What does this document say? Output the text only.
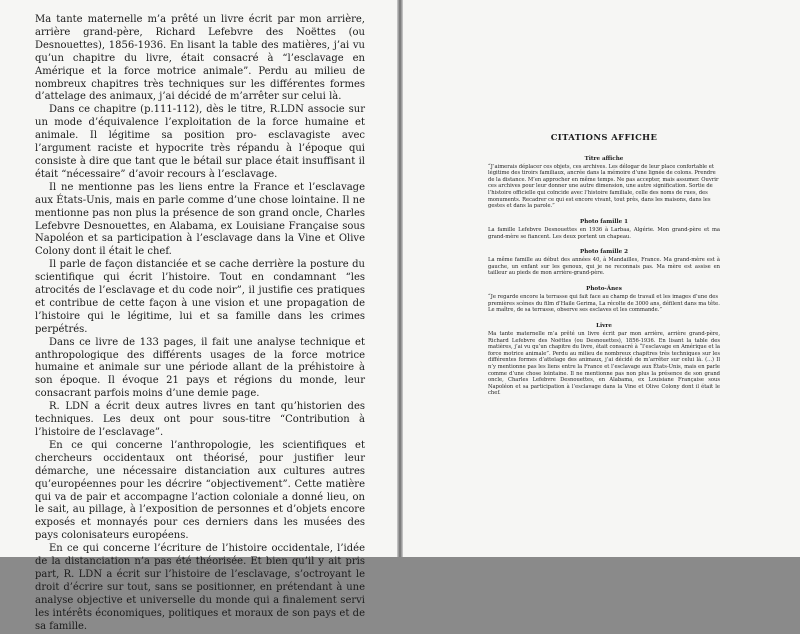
Ma tante maternelle m’a prêté un livre écrit par mon arrière, arrière grand-père, Richard Lefebvre des Noëttes (ou Desnouettes), 1856-1936. En lisant la table des matières, j’ai vu qu’un chapitre du livre, était consacré à “l’esclavage en Amérique et la force motrice animale”. Perdu au milieu de nombreux chapitres très techniques sur les différentes formes d’attelage des animaux, j’ai décidé de m’arrêter sur celui là.

Dans ce chapitre (p.111-112), dès le titre, R.LDN associe sur un mode d’équivalence l’exploitation de la force humaine et animale. Il légitime sa position pro- esclavagiste avec l’argument raciste et hypocrite très répandu à l’époque qui consiste à dire que tant que le bétail sur place était insuffisant il était “nécessaire” d’avoir recours à l’esclavage.

Il ne mentionne pas les liens entre la France et l’esclavage aux États-Unis, mais en parle comme d’une chose lointaine. Il ne mentionne pas non plus la présence de son grand oncle, Charles Lefebvre Desnouettes, en Alabama, ex Louisiane Française sous Napoléon et sa participation à l’esclavage dans la Vine et Olive Colony dont il était le chef.

Il parle de façon distanciée et se cache derrière la posture du scientifique qui écrit l’histoire. Tout en condamnant “les atrocités de l’esclavage et du code noir”, il justifie ces pratiques et contribue de cette façon à une vision et une propagation de l’histoire qui le légitime, lui et sa famille dans les crimes perpétrés.

Dans ce livre de 133 pages, il fait une analyse technique et anthropologique des différents usages de la force motrice humaine et animale sur une période allant de la préhistoire à son époque. Il évoque 21 pays et régions du monde, leur consacrant parfois moins d’une demie page.

R. LDN a écrit deux autres livres en tant qu’historien des techniques. Les deux ont pour sous-titre “Contribution à l’histoire de l’esclavage”.

En ce qui concerne l’anthropologie, les scientifiques et chercheurs occidentaux ont théorisé, pour justifier leur démarche, une nécessaire distanciation aux cultures autres qu’européennes pour les décrire “objectivement”. Cette matière qui va de pair et accompagne l’action coloniale a donné lieu, on le sait, au pillage, à l’exposition de personnes et d’objets encore exposés et monnayés pour ces derniers dans les musées des pays colonisateurs européens.

En ce qui concerne l’écriture de l’histoire occidentale, l’idée de la distanciation n’a pas été théorisée. Et bien qu’il y ait pris part, R. LDN a écrit sur l’histoire de l’esclavage, s’octroyant le droit d’écrire sur tout, sans se positionner, en prétendant à une analyse objective et universelle du monde qui a finalement servi les intérêts économiques, politiques et moraux de son pays et de sa famille.

CITATIONS AFFICHE
Titre affiche
“J’aimerais déplacer ces objets, ces archives. Les délogar de leur place confortable et légitime des tiroirs familiaux, ancrée dans la mémoire d’une lignée de colons. Prendre de la distance. M’en approcher en même temps. Ne pas accepter, mais assumer. Ouvrir ces archives pour leur donner une autre dimension, une autre signification. Sortie de l’histoire officielle qui coïncide avec l’histoire familiale, celle des noms de rues, des monuments. Recadrer ce qui est encore vivant, tout près, dans les maisons, dans les gestes et dans la parole.”
Photo famille 1
La famille Lefebvre Desnouettes en 1936 à Larbaa, Algérie. Mon grand-père et ma grand-mère se fiancent. Les deux portent un chapeau.
Photo famille 2
La même famille au début des années 40, à Mandailles, France. Ma grand-mère est à gauche, un enfant sur les genoux, qui je ne reconnais pas. Ma mère est assise en tailleur au pieds de mon arrière-grand-père.
Photo-Ânes
“Je regarde encore la terrasse qui fait face au champ de travail et les images d’une des premières scènes du film d’Haile Gerima, La récolte de 3000 ans, défilent dans ma tête. Le maître, de sa terrasse, observe ses esclaves et les commande.”
Livre
Ma tante maternelle m’a prêté un livre écrit par mon arrière, arrière grand-père, Richard Lefebvre des Noëttes (ou Desnouettes), 1856-1936. En lisant la table des matières, j’ai vu qu’un chapitre du livre, était consacré à “l’esclavage en Amérique et la force motrice animale”. Perdu au milieu de nombreux chapitres très techniques sur les différentes formes d’attelage des animaux, j’ai décidé de m’arrêter sur celui là. (...) Il n’y mentionne pas les liens entre la France et l’esclavage aux États-Unis, mais en parle comme d’une chose lointaine. Il ne mentionne pas non plus la présence de son grand oncle, Charles Lefebvre Desnouettes, en Alabama, ex Louisiane Française sous Napoléon et sa participation à l’esclavage dans la Vine et Olive Colony dont il était le chef.
